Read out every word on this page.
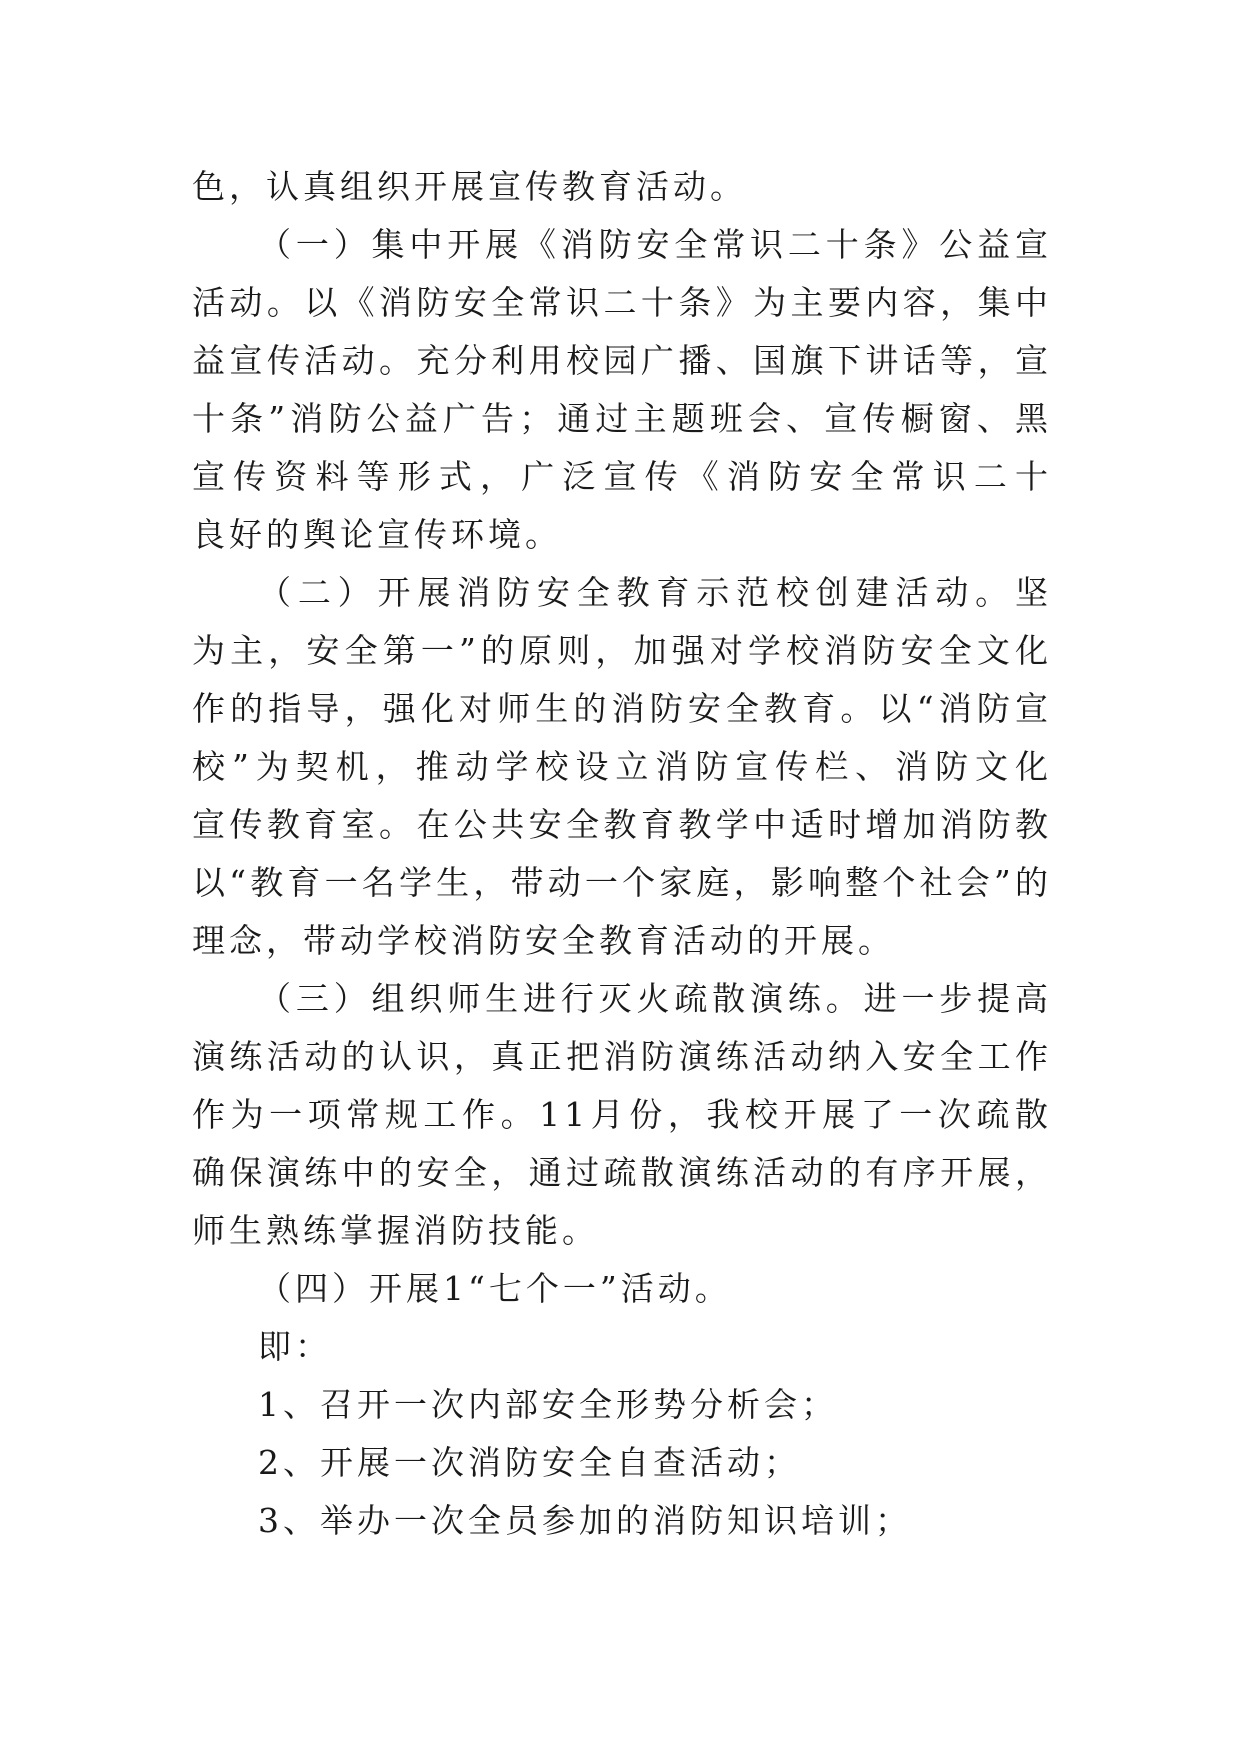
色，认真组织开展宣传教育活动。
（一）集中开展《消防安全常识二十条》公益宣
活动。以《消防安全常识二十条》为主要内容，集中
益宣传活动。充分利用校园广播、国旗下讲话等，宣
十条”消防公益广告；通过主题班会、宣传橱窗、黑
宣传资料等形式，广泛宣传《消防安全常识二十
良好的舆论宣传环境。
（二）开展消防安全教育示范校创建活动。坚
为主，安全第一”的原则，加强对学校消防安全文化
作的指导，强化对师生的消防安全教育。以“消防宣
校”为契机，推动学校设立消防宣传栏、消防文化
宣传教育室。在公共安全教育教学中适时增加消防教
以“教育一名学生，带动一个家庭，影响整个社会”的
理念，带动学校消防安全教育活动的开展。
（三）组织师生进行灭火疏散演练。进一步提高
演练活动的认识，真正把消防演练活动纳入安全工作
作为一项常规工作。11月份，我校开展了一次疏散
确保演练中的安全，通过疏散演练活动的有序开展，
师生熟练掌握消防技能。
（四）开展1“七个一”活动。
即：
1、召开一次内部安全形势分析会；
2、开展一次消防安全自查活动；
3、举办一次全员参加的消防知识培训；
